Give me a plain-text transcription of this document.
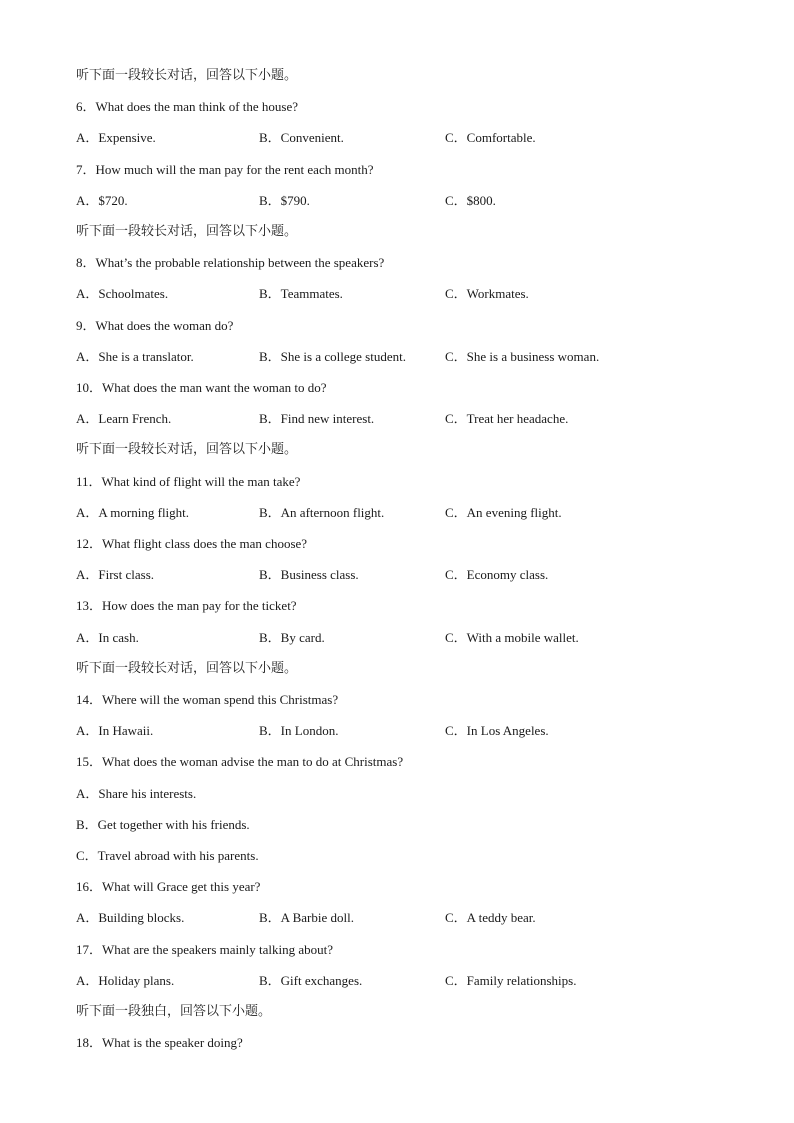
听下面一段较长对话，回答以下小题。
6．What does the man think of the house?
A．Expensive.	B．Convenient.	C．Comfortable.
7．How much will the man pay for the rent each month?
A．$720.	B．$790.	C．$800.
听下面一段较长对话，回答以下小题。
8．What’s the probable relationship between the speakers?
A．Schoolmates.	B．Teammates.	C．Workmates.
9．What does the woman do?
A．She is a translator.	B．She is a college student.	C．She is a business woman.
10．What does the man want the woman to do?
A．Learn French.	B．Find new interest.	C．Treat her headache.
听下面一段较长对话，回答以下小题。
11．What kind of flight will the man take?
A．A morning flight.	B．An afternoon flight.	C．An evening flight.
12．What flight class does the man choose?
A．First class.	B．Business class.	C．Economy class.
13．How does the man pay for the ticket?
A．In cash.	B．By card.	C．With a mobile wallet.
听下面一段较长对话，回答以下小题。
14．Where will the woman spend this Christmas?
A．In Hawaii.	B．In London.	C．In Los Angeles.
15．What does the woman advise the man to do at Christmas?
A．Share his interests.
B．Get together with his friends.
C．Travel abroad with his parents.
16．What will Grace get this year?
A．Building blocks.	B．A Barbie doll.	C．A teddy bear.
17．What are the speakers mainly talking about?
A．Holiday plans.	B．Gift exchanges.	C．Family relationships.
听下面一段独白，回答以下小题。
18．What is the speaker doing?
